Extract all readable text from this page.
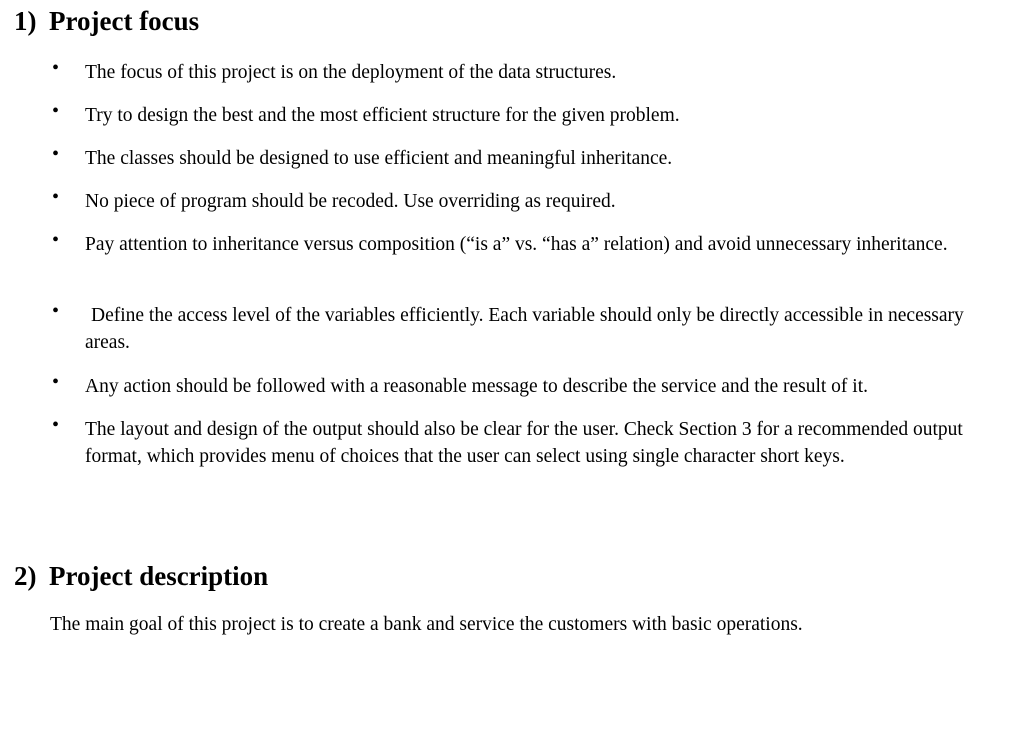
1) Project focus
• The focus of this project is on the deployment of the data structures.

• Try to design the best and the most efficient structure for the given problem.

• The classes should be designed to use efficient and meaningful inheritance.

• No piece of program should be recoded. Use overriding as required.

• Pay attention to inheritance versus composition (“is a” vs. “has a” relation) and avoid unnecessary inheritance.

•	Define the access level of the variables efficiently. Each variable should only be directly accessible in necessary areas.

• Any action should be followed with a reasonable message to describe the service and the result of it.

• The layout and design of the output should also be clear for the user. Check Section 3 for a recommended output format, which provides menu of choices that the user can select using single character short keys.

2) Project description

The main goal of this project is to create a bank and service the customers with basic operations.
